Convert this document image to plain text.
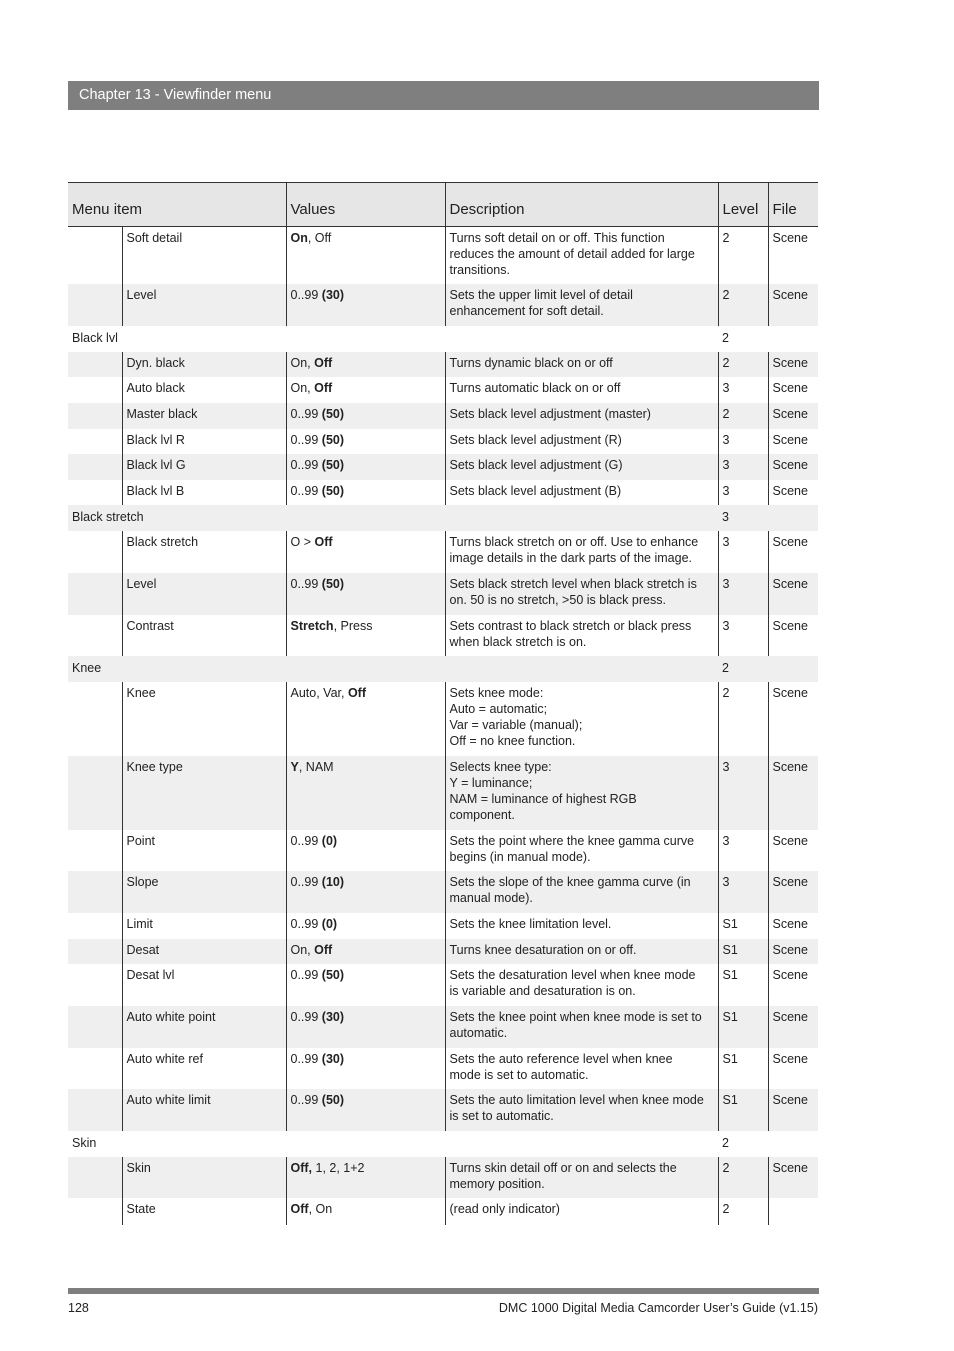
Chapter 13 - Viewfinder menu
Menu item		Values	Description	Level	File
	Soft detail	On, Off	Turns soft detail on or off. This function
reduces the amount of detail added for large
transitions.	2	Scene
	Level	0..99 (30)	Sets the upper limit level of detail
enhancement for soft detail.	2	Scene
Black lvl				2	
	Dyn. black	On, Off	Turns dynamic black on or off	2	Scene
	Auto black	On, Off	Turns automatic black on or off	3	Scene
	Master black	0..99 (50)	Sets black level adjustment (master)	2	Scene
	Black lvl R	0..99 (50)	Sets black level adjustment (R)	3	Scene
	Black lvl G	0..99 (50)	Sets black level adjustment (G)	3	Scene
	Black lvl B	0..99 (50)	Sets black level adjustment (B)	3	Scene
Black stretch				3	
	Black stretch	O > Off	Turns black stretch on or off. Use to enhance
image details in the dark parts of the image.	3	Scene
	Level	0..99 (50)	Sets black stretch level when black stretch is
on. 50 is no stretch, >50 is black press.	3	Scene
	Contrast	Stretch, Press	Sets contrast to black stretch or black press
when black stretch is on.	3	Scene
Knee				2	
	Knee	Auto, Var, Off	Sets knee mode:
Auto = automatic;
Var = variable (manual);
Off = no knee function.	2	Scene
	Knee type	Y, NAM	Selects knee type:
Y = luminance;
NAM = luminance of highest RGB
component.	3	Scene
	Point	0..99 (0)	Sets the point where the knee gamma curve
begins (in manual mode).	3	Scene
	Slope	0..99 (10)	Sets the slope of the knee gamma curve (in
manual mode).	3	Scene
	Limit	0..99 (0)	Sets the knee limitation level.	S1	Scene
	Desat	On, Off	Turns knee desaturation on or off.	S1	Scene
	Desat lvl	0..99 (50)	Sets the desaturation level when knee mode
is variable and desaturation is on.	S1	Scene
	Auto white point	0..99 (30)	Sets the knee point when knee mode is set to
automatic.	S1	Scene
	Auto white ref	0..99 (30)	Sets the auto reference level when knee
mode is set to automatic.	S1	Scene
	Auto white limit	0..99 (50)	Sets the auto limitation level when knee mode
is set to automatic.	S1	Scene
Skin				2	
	Skin	Off, 1, 2, 1+2	Turns skin detail off or on and selects the
memory position.	2	Scene
	State	Off, On	(read only indicator)	2	
128	DMC 1000 Digital Media Camcorder User’s Guide (v1.15)
